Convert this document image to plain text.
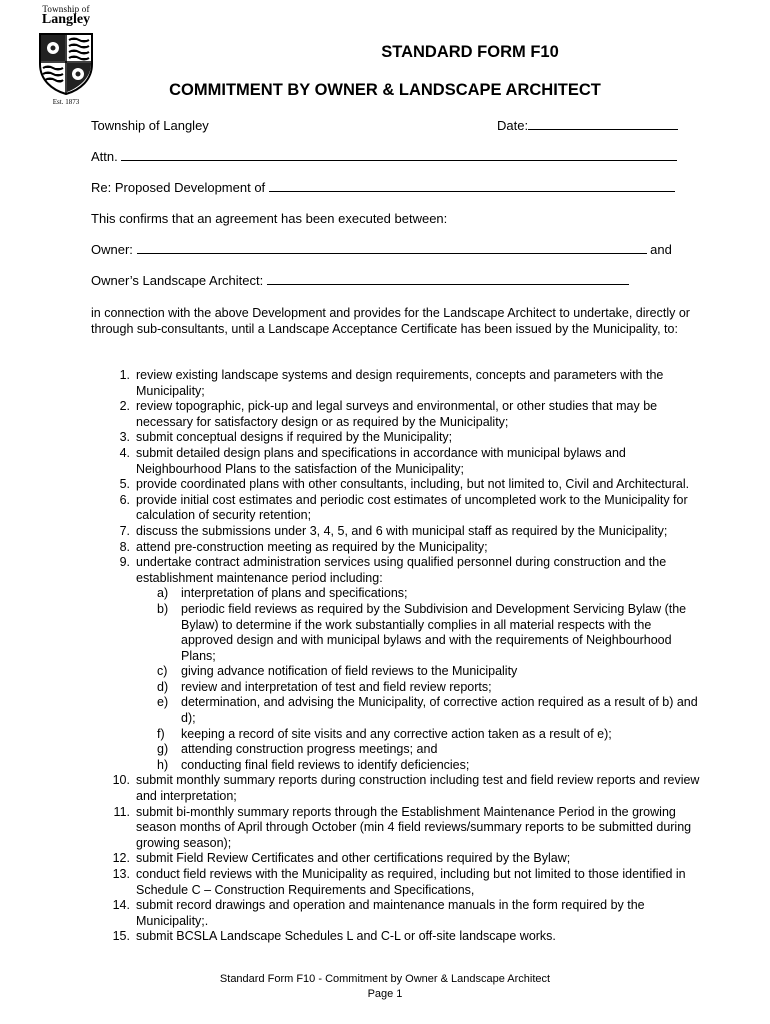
Township of
Langley
Est. 1873
STANDARD FORM F10
COMMITMENT BY OWNER & LANDSCAPE ARCHITECT
Township of Langley	Date:
Attn.
Re: Proposed Development of
This confirms that an agreement has been executed between:
Owner:	and
Owner’s Landscape Architect:
in connection with the above Development and provides for the Landscape Architect to undertake, directly or through sub-consultants, until a Landscape Acceptance Certificate has been issued by the Municipality, to:
1. review existing landscape systems and design requirements, concepts and parameters with the Municipality;
2. review topographic, pick-up and legal surveys and environmental, or other studies that may be necessary for satisfactory design or as required by the Municipality;
3. submit conceptual designs if required by the Municipality;
4. submit detailed design plans and specifications in accordance with municipal bylaws and Neighbourhood Plans to the satisfaction of the Municipality;
5. provide coordinated plans with other consultants, including, but not limited to, Civil and Architectural.
6. provide initial cost estimates and periodic cost estimates of uncompleted work to the Municipality for calculation of security retention;
7. discuss the submissions under 3, 4, 5, and 6 with municipal staff as required by the Municipality;
8. attend pre-construction meeting as required by the Municipality;
9. undertake contract administration services using qualified personnel during construction and the establishment maintenance period including:
a) interpretation of plans and specifications;
b) periodic field reviews as required by the Subdivision and Development Servicing Bylaw (the Bylaw) to determine if the work substantially complies in all material respects with the approved design and with municipal bylaws and with the requirements of Neighbourhood Plans;
c) giving advance notification of field reviews to the Municipality
d) review and interpretation of test and field review reports;
e) determination, and advising the Municipality, of corrective action required as a result of b) and d);
f) keeping a record of site visits and any corrective action taken as a result of e);
g) attending construction progress meetings; and
h) conducting final field reviews to identify deficiencies;
10. submit monthly summary reports during construction including test and field review reports and review and interpretation;
11. submit bi-monthly summary reports through the Establishment Maintenance Period in the growing season months of April through October (min 4 field reviews/summary reports to be submitted during growing season);
12. submit Field Review Certificates and other certifications required by the Bylaw;
13. conduct field reviews with the Municipality as required, including but not limited to those identified in Schedule C – Construction Requirements and Specifications,
14. submit record drawings and operation and maintenance manuals in the form required by the Municipality;.
15. submit BCSLA Landscape Schedules L and C-L or off-site landscape works.
Standard Form F10 - Commitment by Owner & Landscape Architect
Page 1
